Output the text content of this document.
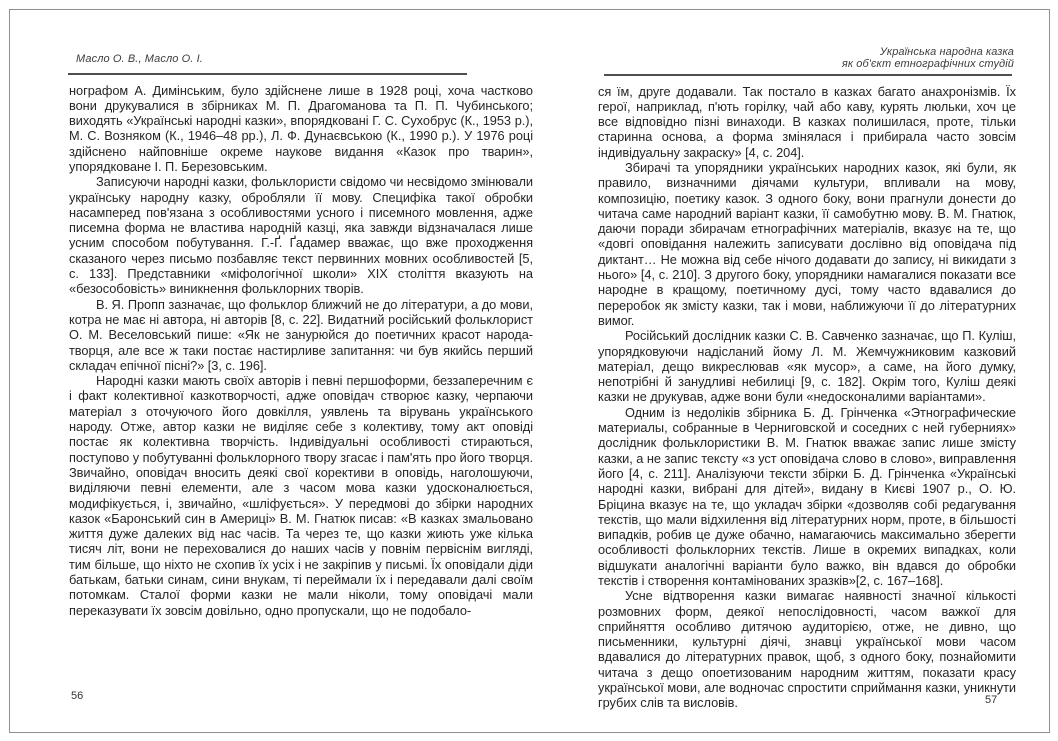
Масло О. В., Масло О. І.

нографом А. Димінським, було здійснене лише в 1928 році, хоча частково вони друкувалися в збірниках М. П. Драгоманова та П. П. Чубинського; виходять «Українські народні казки», впорядковані Г. С. Сухобрус (К., 1953 р.), М. С. Возняком (К., 1946–48 рр.), Л. Ф. Дунаєвською (К., 1990 р.). У 1976 році здійснено найповніше окреме наукове видання «Казок про тварин», упорядковане І. П. Березовським.

Записуючи народні казки, фольклористи свідомо чи несвідомо змінювали українську народну казку, обробляли її мову. Специфіка такої обробки насамперед пов'язана з особливостями усного і писемного мовлення, адже писемна форма не властива народній казці, яка завжди відзначалася лише усним способом побутування. Г.-Ґ. Ґадамер вважає, що вже проходження сказаного через письмо позбавляє текст первинних мовних особливостей [5, с. 133]. Представники «міфологічної школи» XIX століття вказують на «безособовість» виникнення фольклорних творів.

В. Я. Пропп зазначає, що фольклор ближчий не до літератури, а до мови, котра не має ні автора, ні авторів [8, с. 22]. Видатний російський фольклорист О. М. Веселовський пише: «Як не занурюйся до поетичних красот народа-творця, але все ж таки постає настирливе запитання: чи був якийсь перший складач епічної пісні?» [3, с. 196].

Народні казки мають своїх авторів і певні першоформи, беззаперечним є і факт колективної казкотворчості, адже оповідач створює казку, черпаючи матеріал з оточуючого його довкілля, уявлень та вірувань українського народу. Отже, автор казки не виділяє себе з колективу, тому акт оповіді постає як колективна творчість. Індивідуальні особливості стираються, поступово у побутуванні фольклорного твору згасає і пам'ять про його творця. Звичайно, оповідач вносить деякі свої корективи в оповідь, наголошуючи, виділяючи певні елементи, але з часом мова казки удосконалюється, модифікується, і, звичайно, «шліфується». У передмові до збірки народних казок «Баронський син в Америці» В. М. Гнатюк писав: «В казках змальовано життя дуже далеких від нас часів. Та через те, що казки жиють уже кілька тисяч літ, вони не переховалися до наших часів у повнім первіснім вигляді, тим більше, що ніхто не схопив їх усіх і не закріпив у письмі. Їх оповідали діди батькам, батьки синам, сини внукам, ті переймали їх і передавали далі своїм потомкам. Сталої форми казки не мали ніколи, тому оповідачі мали переказувати їх зовсім довільно, одно пропускали, що не подобало-

Українська народна казка
як об'єкт етнографічних студій

ся їм, друге додавали. Так постало в казках багато анахронізмів. Їх герої, наприклад, п'ють горілку, чай або каву, курять люльки, хоч це все відповідно пізні винаходи. В казках полишилася, проте, тільки старинна основа, а форма змінялася і прибирала часто зовсім індивідуальну закраску» [4, с. 204].

Збирачі та упорядники українських народних казок, які були, як правило, визначними діячами культури, впливали на мову, композицію, поетику казок. З одного боку, вони прагнули донести до читача саме народний варіант казки, її самобутню мову. В. М. Гнатюк, даючи поради збирачам етнографічних матеріалів, вказує на те, що «довгі оповідання належить записувати дослівно від оповідача під диктант… Не можна від себе нічого додавати до запису, ні викидати з нього» [4, с. 210]. З другого боку, упорядники намагалися показати все народне в кращому, поетичному дусі, тому часто вдавалися до переробок як змісту казки, так і мови, наближуючи її до літературних вимог.

Російський дослідник казки С. В. Савченко зазначає, що П. Куліш, упорядковуючи надісланий йому Л. М. Жемчужниковим казковий матеріал, дещо викреслював «як мусор», а саме, на його думку, непотрібні й занудливі небилиці [9, с. 182]. Окрім того, Куліш деякі казки не друкував, адже вони були «недосконалими варіантами».

Одним із недоліків збірника Б. Д. Грінченка «Этнографические материалы, собранные в Черниговской и соседних с ней губерниях» дослідник фольклористики В. М. Гнатюк вважає запис лише змісту казки, а не запис тексту «з уст оповідача слово в слово», виправлення його [4, с. 211]. Аналізуючи тексти збірки Б. Д. Грінченка «Українські народні казки, вибрані для дітей», видану в Києві 1907 р., О. Ю. Бріцина вказує на те, що укладач збірки «дозволяв собі редагування текстів, що мали відхилення від літературних норм, проте, в більшості випадків, робив це дуже обачно, намагаючись максимально зберегти особливості фольклорних текстів. Лише в окремих випадках, коли відшукати аналогічні варіанти було важко, він вдався до обробки текстів і створення контамінованих зразків»[2, с. 167–168].

Усне відтворення казки вимагає наявності значної кількості розмовних форм, деякої непослідовності, часом важкої для сприйняття особливо дитячою аудиторією, отже, не дивно, що письменники, культурні діячі, знавці української мови часом вдавалися до літературних правок, щоб, з одного боку, познайомити читача з дещо опоетизованим народним життям, показати красу української мови, але водночас спростити сприймання казки, уникнути грубих слів та висловів.

56	57
